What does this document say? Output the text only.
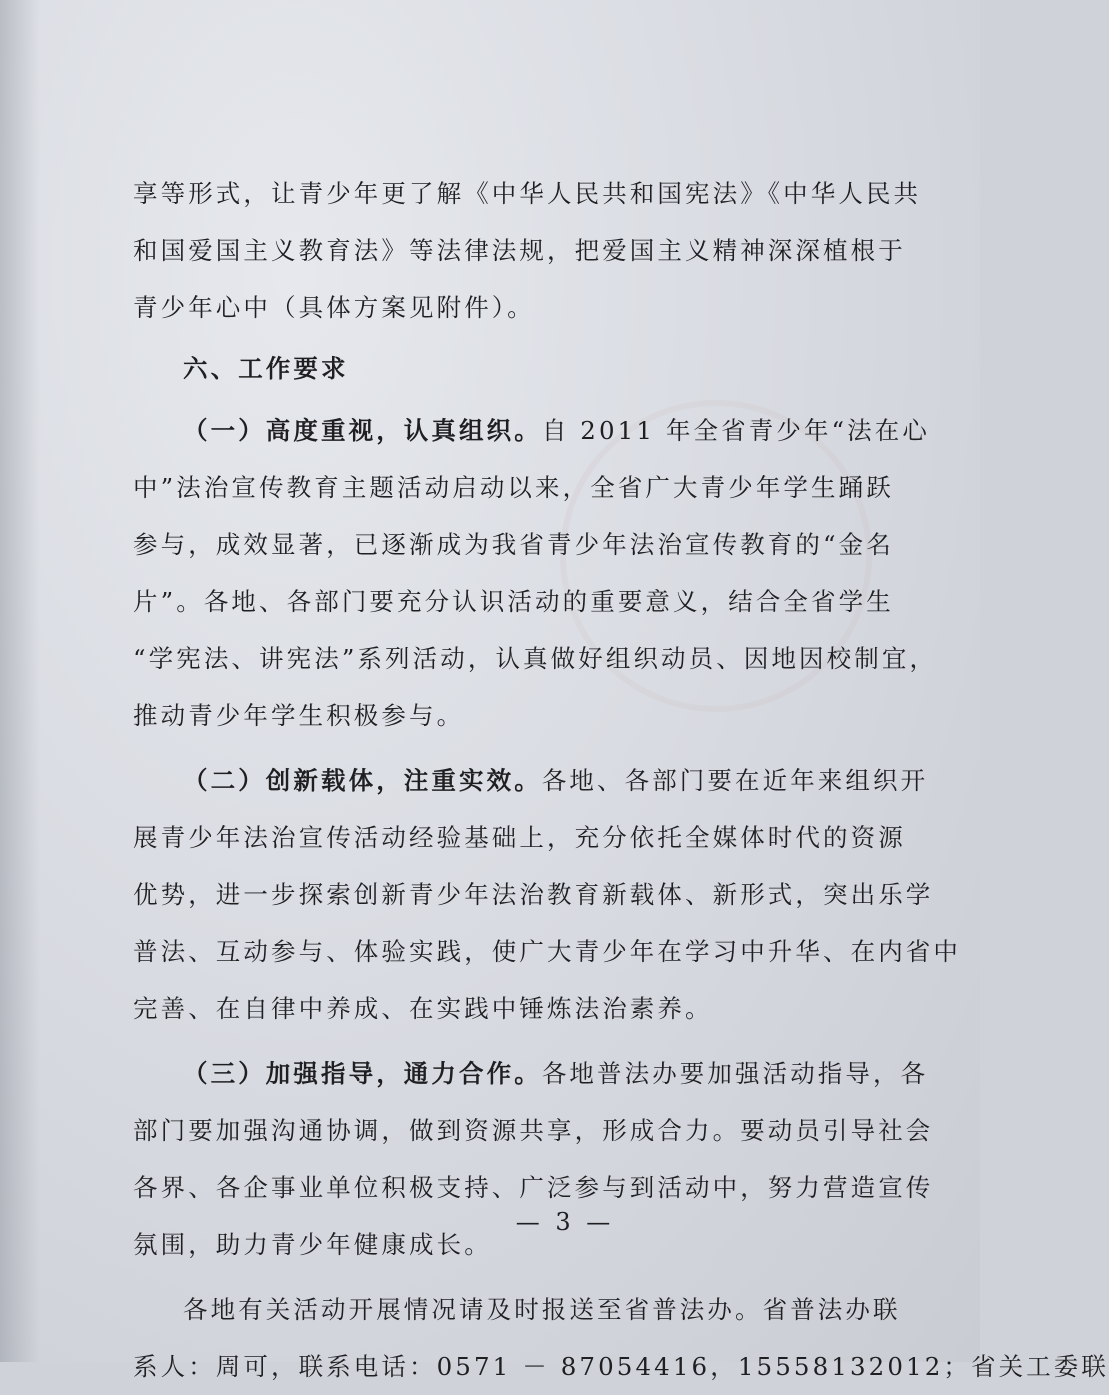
享等形式，让青少年更了解《中华人民共和国宪法》《中华人民共
和国爱国主义教育法》等法律法规，把爱国主义精神深深植根于
青少年心中（具体方案见附件）。
六、工作要求
（一）高度重视，认真组织。自 2011 年全省青少年“法在心
中”法治宣传教育主题活动启动以来，全省广大青少年学生踊跃
参与，成效显著，已逐渐成为我省青少年法治宣传教育的“金名
片”。各地、各部门要充分认识活动的重要意义，结合全省学生
“学宪法、讲宪法”系列活动，认真做好组织动员、因地因校制宜，
推动青少年学生积极参与。
（二）创新载体，注重实效。各地、各部门要在近年来组织开
展青少年法治宣传活动经验基础上，充分依托全媒体时代的资源
优势，进一步探索创新青少年法治教育新载体、新形式，突出乐学
普法、互动参与、体验实践，使广大青少年在学习中升华、在内省中
完善、在自律中养成、在实践中锤炼法治素养。
（三）加强指导，通力合作。各地普法办要加强活动指导，各
部门要加强沟通协调，做到资源共享，形成合力。要动员引导社会
各界、各企事业单位积极支持、广泛参与到活动中，努力营造宣传
氛围，助力青少年健康成长。
各地有关活动开展情况请及时报送至省普法办。省普法办联
系人：周可，联系电话：0571 － 87054416，15558132012；省关工委联
— 3 —
